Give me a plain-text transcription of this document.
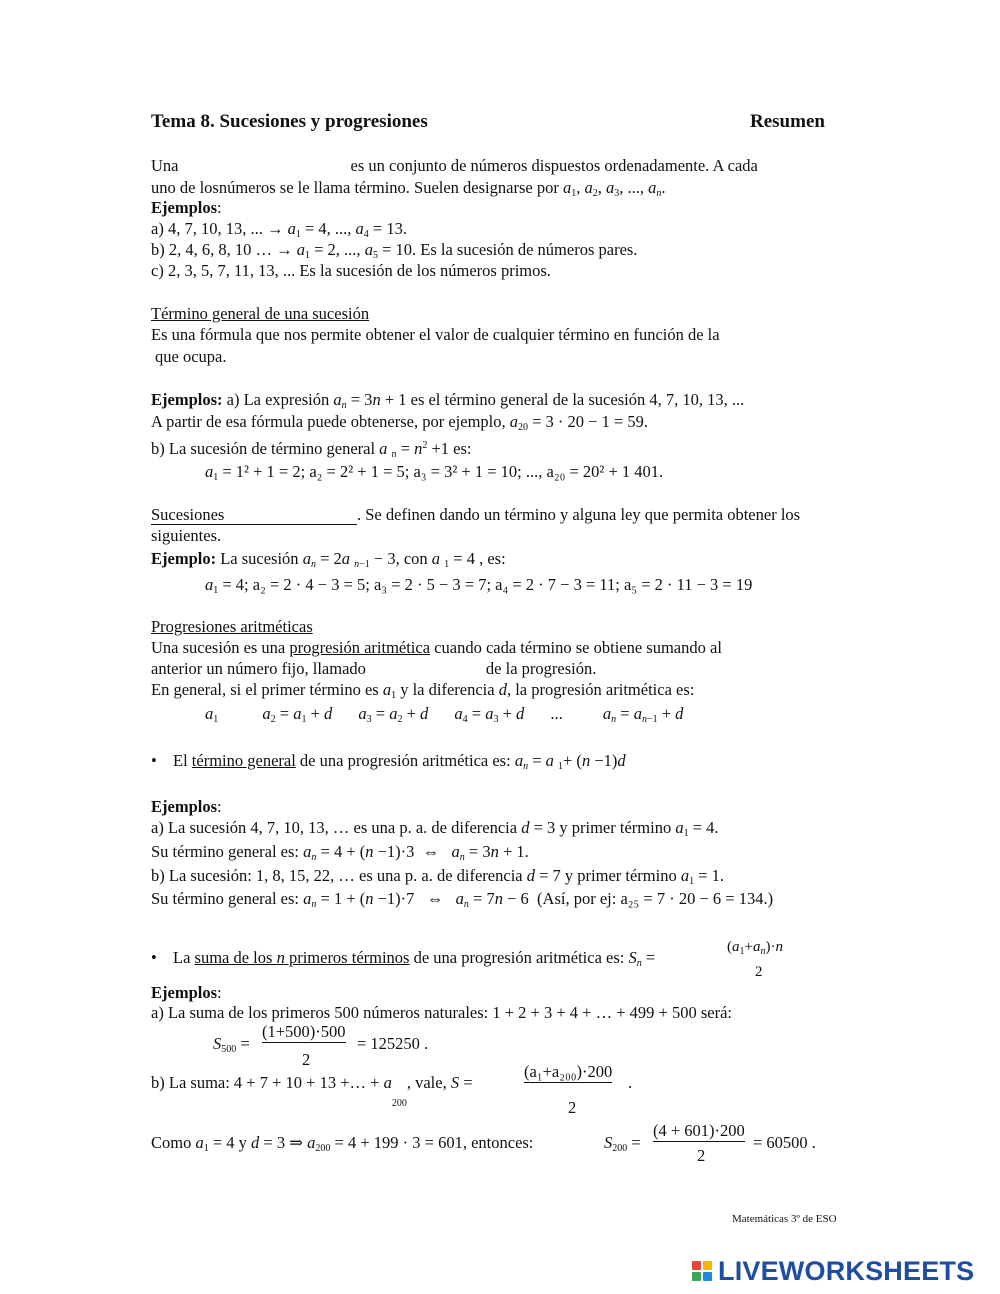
Tema 8. Sucesiones y progresiones	Resumen
Una	es un conjunto de números dispuestos ordenadamente. A cada
uno de losnúmeros se le llama término. Suelen designarse por $a_1$, $a_2$, $a_3$, ..., $a_n$.
Ejemplos:
a) 4, 7, 10, 13, ... → $a_1 = 4$, ..., $a_4 = 13$.
b) 2, 4, 6, 8, 10 … → $a_1 = 2$, ..., $a_5 = 10$. Es la sucesión de números pares.
c) 2, 3, 5, 7, 11, 13, ... Es la sucesión de los números primos.
Término general de una sucesión
Es una fórmula que nos permite obtener el valor de cualquier término en función de la
que ocupa.
Ejemplos: a) La expresión $a_n = 3n + 1$ es el término general de la sucesión 4, 7, 10, 13, ...
A partir de esa fórmula puede obtenerse, por ejemplo, $a_{20} = 3 \cdot 20 - 1 = 59$.
b) La sucesión de término general a $_n = n^2 +1$ es:
$a_1 = 1^2 + 1 = 2$; a₂ = 2² + 1 = 5; a₃ = 3² + 1 = 10; ..., a₂₀ = 20² + 1 401.
Sucesiones	. Se definen dando un término y alguna ley que permita obtener los
siguientes.
Ejemplo: La sucesión $a_n = 2a$ $_{n-1}$ − 3, con a $_1$ = 4 , es:
$a_1 = 4$; a₂ = 2 · 4 − 3 = 5; a₃ = 2 · 5 − 3 = 7; a₄ = 2 · 7 − 3 = 11; a₅ = 2 · 11 − 3 = 19
Progresiones aritméticas
Una sucesión es una progresión aritmética cuando cada término se obtiene sumando al
anterior un número fijo, llamado	de la progresión.
En general, si el primer término es $a_1$ y la diferencia d, la progresión aritmética es:
$a_1$	$a_2 = a_1 + d$ $a_3 = a_2 + d$ $a_4 = a_3 + d$ ... $a_n = a_{n-1} + d$
• El término general de una progresión aritmética es: $a_n = a$ $_1$+ (n −1)d
Ejemplos:
a) La sucesión 4, 7, 10, 13, … es una p. a. de diferencia d = 3 y primer término $a_1 = 4$.
Su término general es: $a_n = 4 + (n -1)\cdot 3$  ⇔   $a_n = 3n + 1$.
b) La sucesión: 1, 8, 15, 22, … es una p. a. de diferencia d = 7 y primer término $a_1 = 1$.
Su término general es: $a_n = 1 + (n -1)\cdot 7$   ⇔   $a_n = 7n - 6$  (Así, por ej: a₂₅ = 7 · 20 − 6 = 134.)
• La suma de los n primeros términos de una progresión aritmética es: $S_n$ =
$(a_1+a_n)\cdot n$
2
Ejemplos:
a) La suma de los primeros 500 números naturales: 1 + 2 + 3 + 4 + … + 499 + 500 será:
$S_{500}$ =
(1+500)·500
2
= 125250 .
b) La suma: 4 + 7 + 10 + 13 +… + $a_{200}$, vale, S =
(a₁+a₂₀₀)·200
2
.
Como $a_1 = 4$ y d = 3 ⇒ $a_{200} = 4 + 199 \cdot 3 = 601$, entonces:	$S_{200}$ =
(4 + 601)·200
2
= 60500 .
Matemáticas 3º de ESO
LIVEWORKSHEETS
